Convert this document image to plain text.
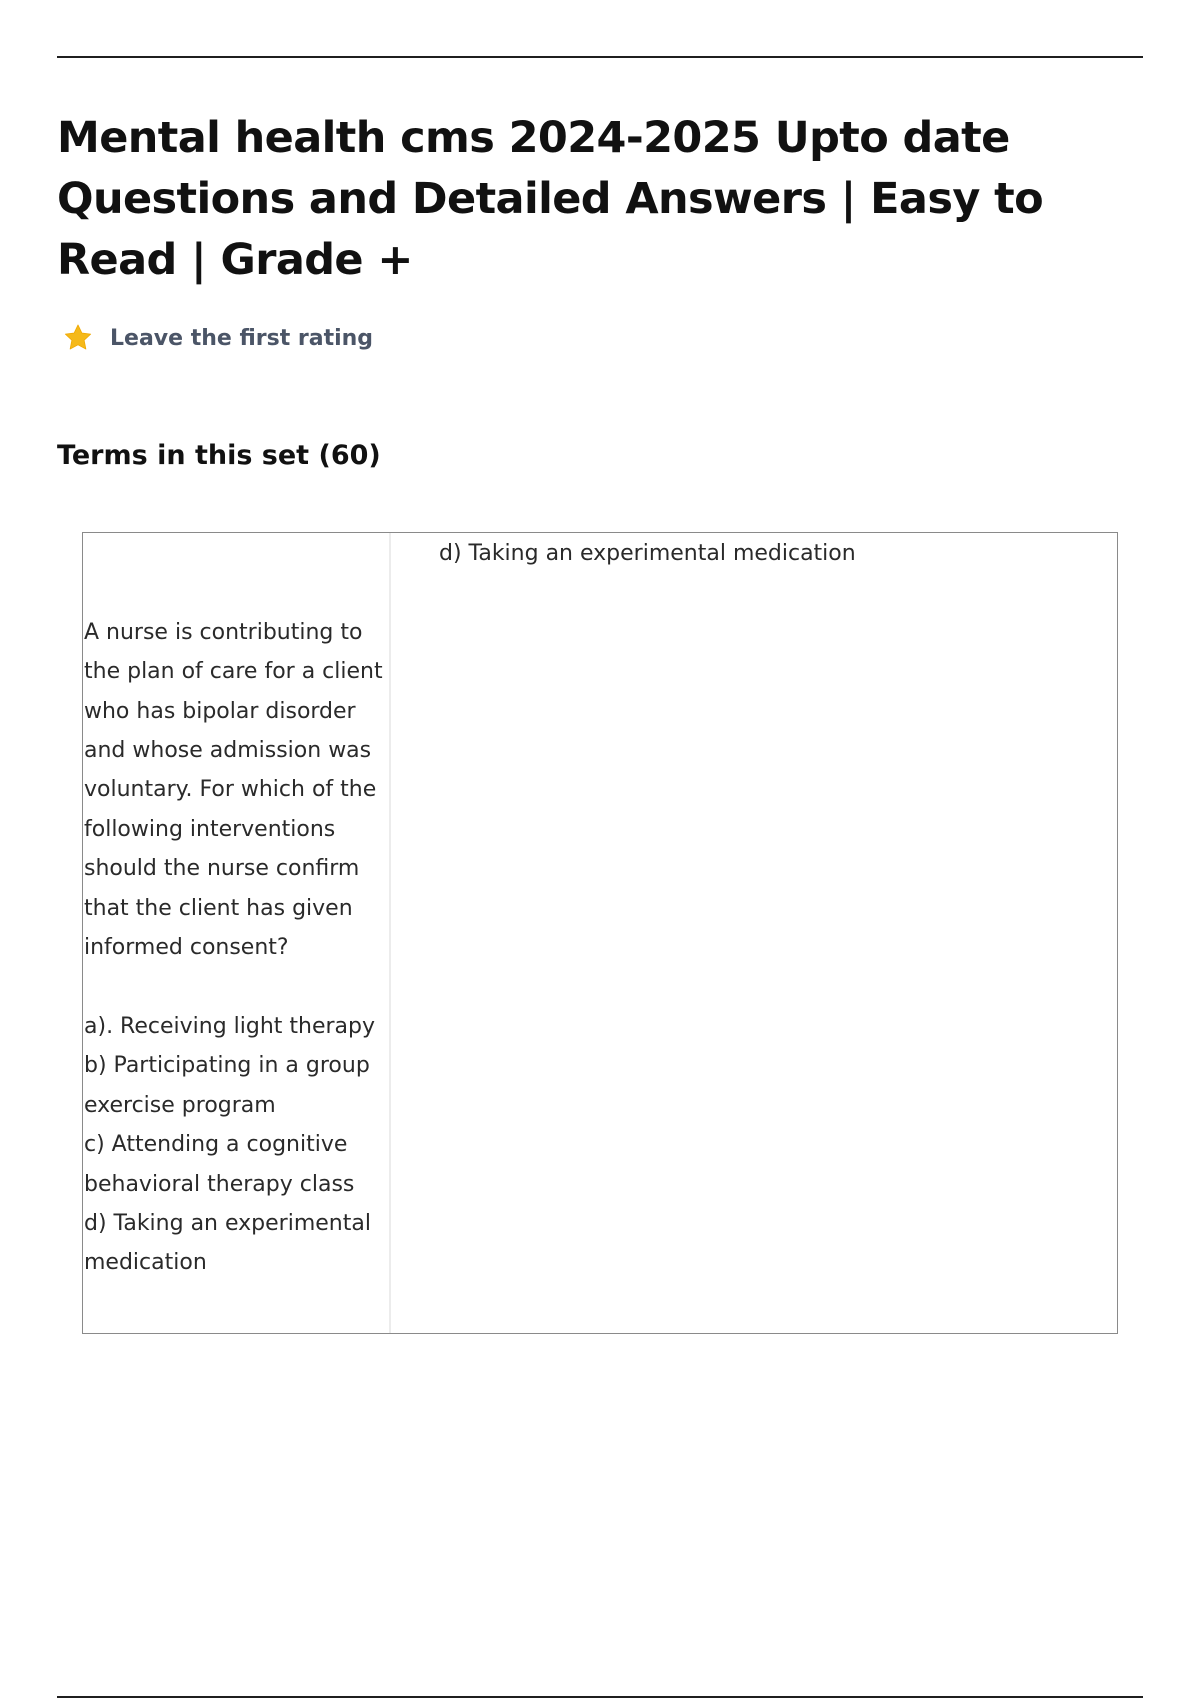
Mental health cms 2024-2025 Upto date Questions and Detailed Answers | Easy to Read | Grade +
Leave the first rating
Terms in this set (60)

A nurse is contributing to the plan of care for a client who has bipolar disorder and whose admission was voluntary. For which of the following interventions should the nurse confirm that the client has given informed consent?

a). Receiving light therapy
b) Participating in a group exercise program
c) Attending a cognitive behavioral therapy class
d) Taking an experimental medication

d) Taking an experimental medication
